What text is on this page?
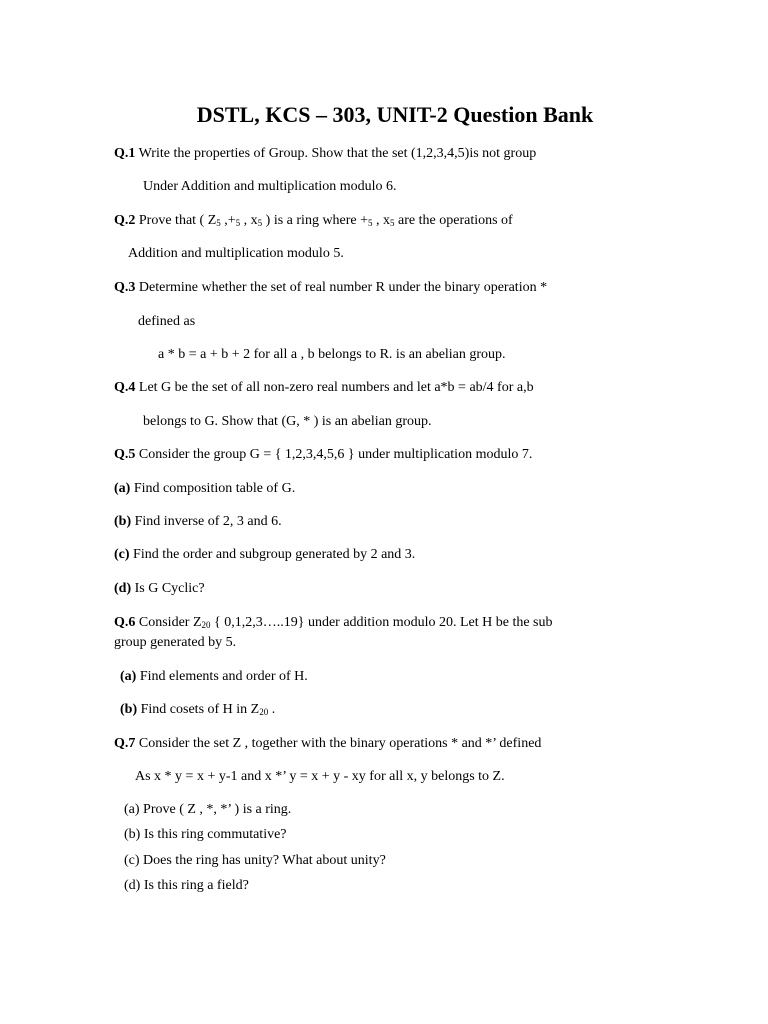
DSTL, KCS – 303, UNIT-2 Question Bank
Q.1 Write the properties of Group. Show that the set (1,2,3,4,5)is not group
Under Addition and multiplication modulo 6.
Q.2 Prove that ( $Z_5$ $,+_5$ , $x_5$ ) is a ring where $+_5$ , $x_5$ are the operations of
Addition and multiplication modulo 5.
Q.3 Determine whether the set of real number R under the binary operation *
defined as
a * b = a + b + 2 for all a , b belongs to R. is an abelian group.
Q.4 Let G be the set of all non-zero real numbers and let a*b = ab/4 for a,b
belongs to G. Show that (G, * ) is an abelian group.
Q.5 Consider the group G = { 1,2,3,4,5,6 } under multiplication modulo 7.
(a) Find composition table of G.
(b) Find inverse of 2, 3 and 6.
(c) Find the order and subgroup generated by 2 and 3.
(d) Is G Cyclic?
Q.6 Consider $Z_{20}$ { 0,1,2,3…..19} under addition modulo 20. Let H be the sub
group generated by 5.
(a) Find elements and order of H.
(b) Find cosets of H in $Z_{20}$ .
Q.7 Consider the set Z , together with the binary operations * and *’ defined
As x * y = x + y-1 and x *’ y = x + y - xy for all x, y belongs to Z.
(a) Prove ( Z , *, *’ ) is a ring.
(b) Is this ring commutative?
(c) Does the ring has unity? What about unity?
(d) Is this ring a field?
